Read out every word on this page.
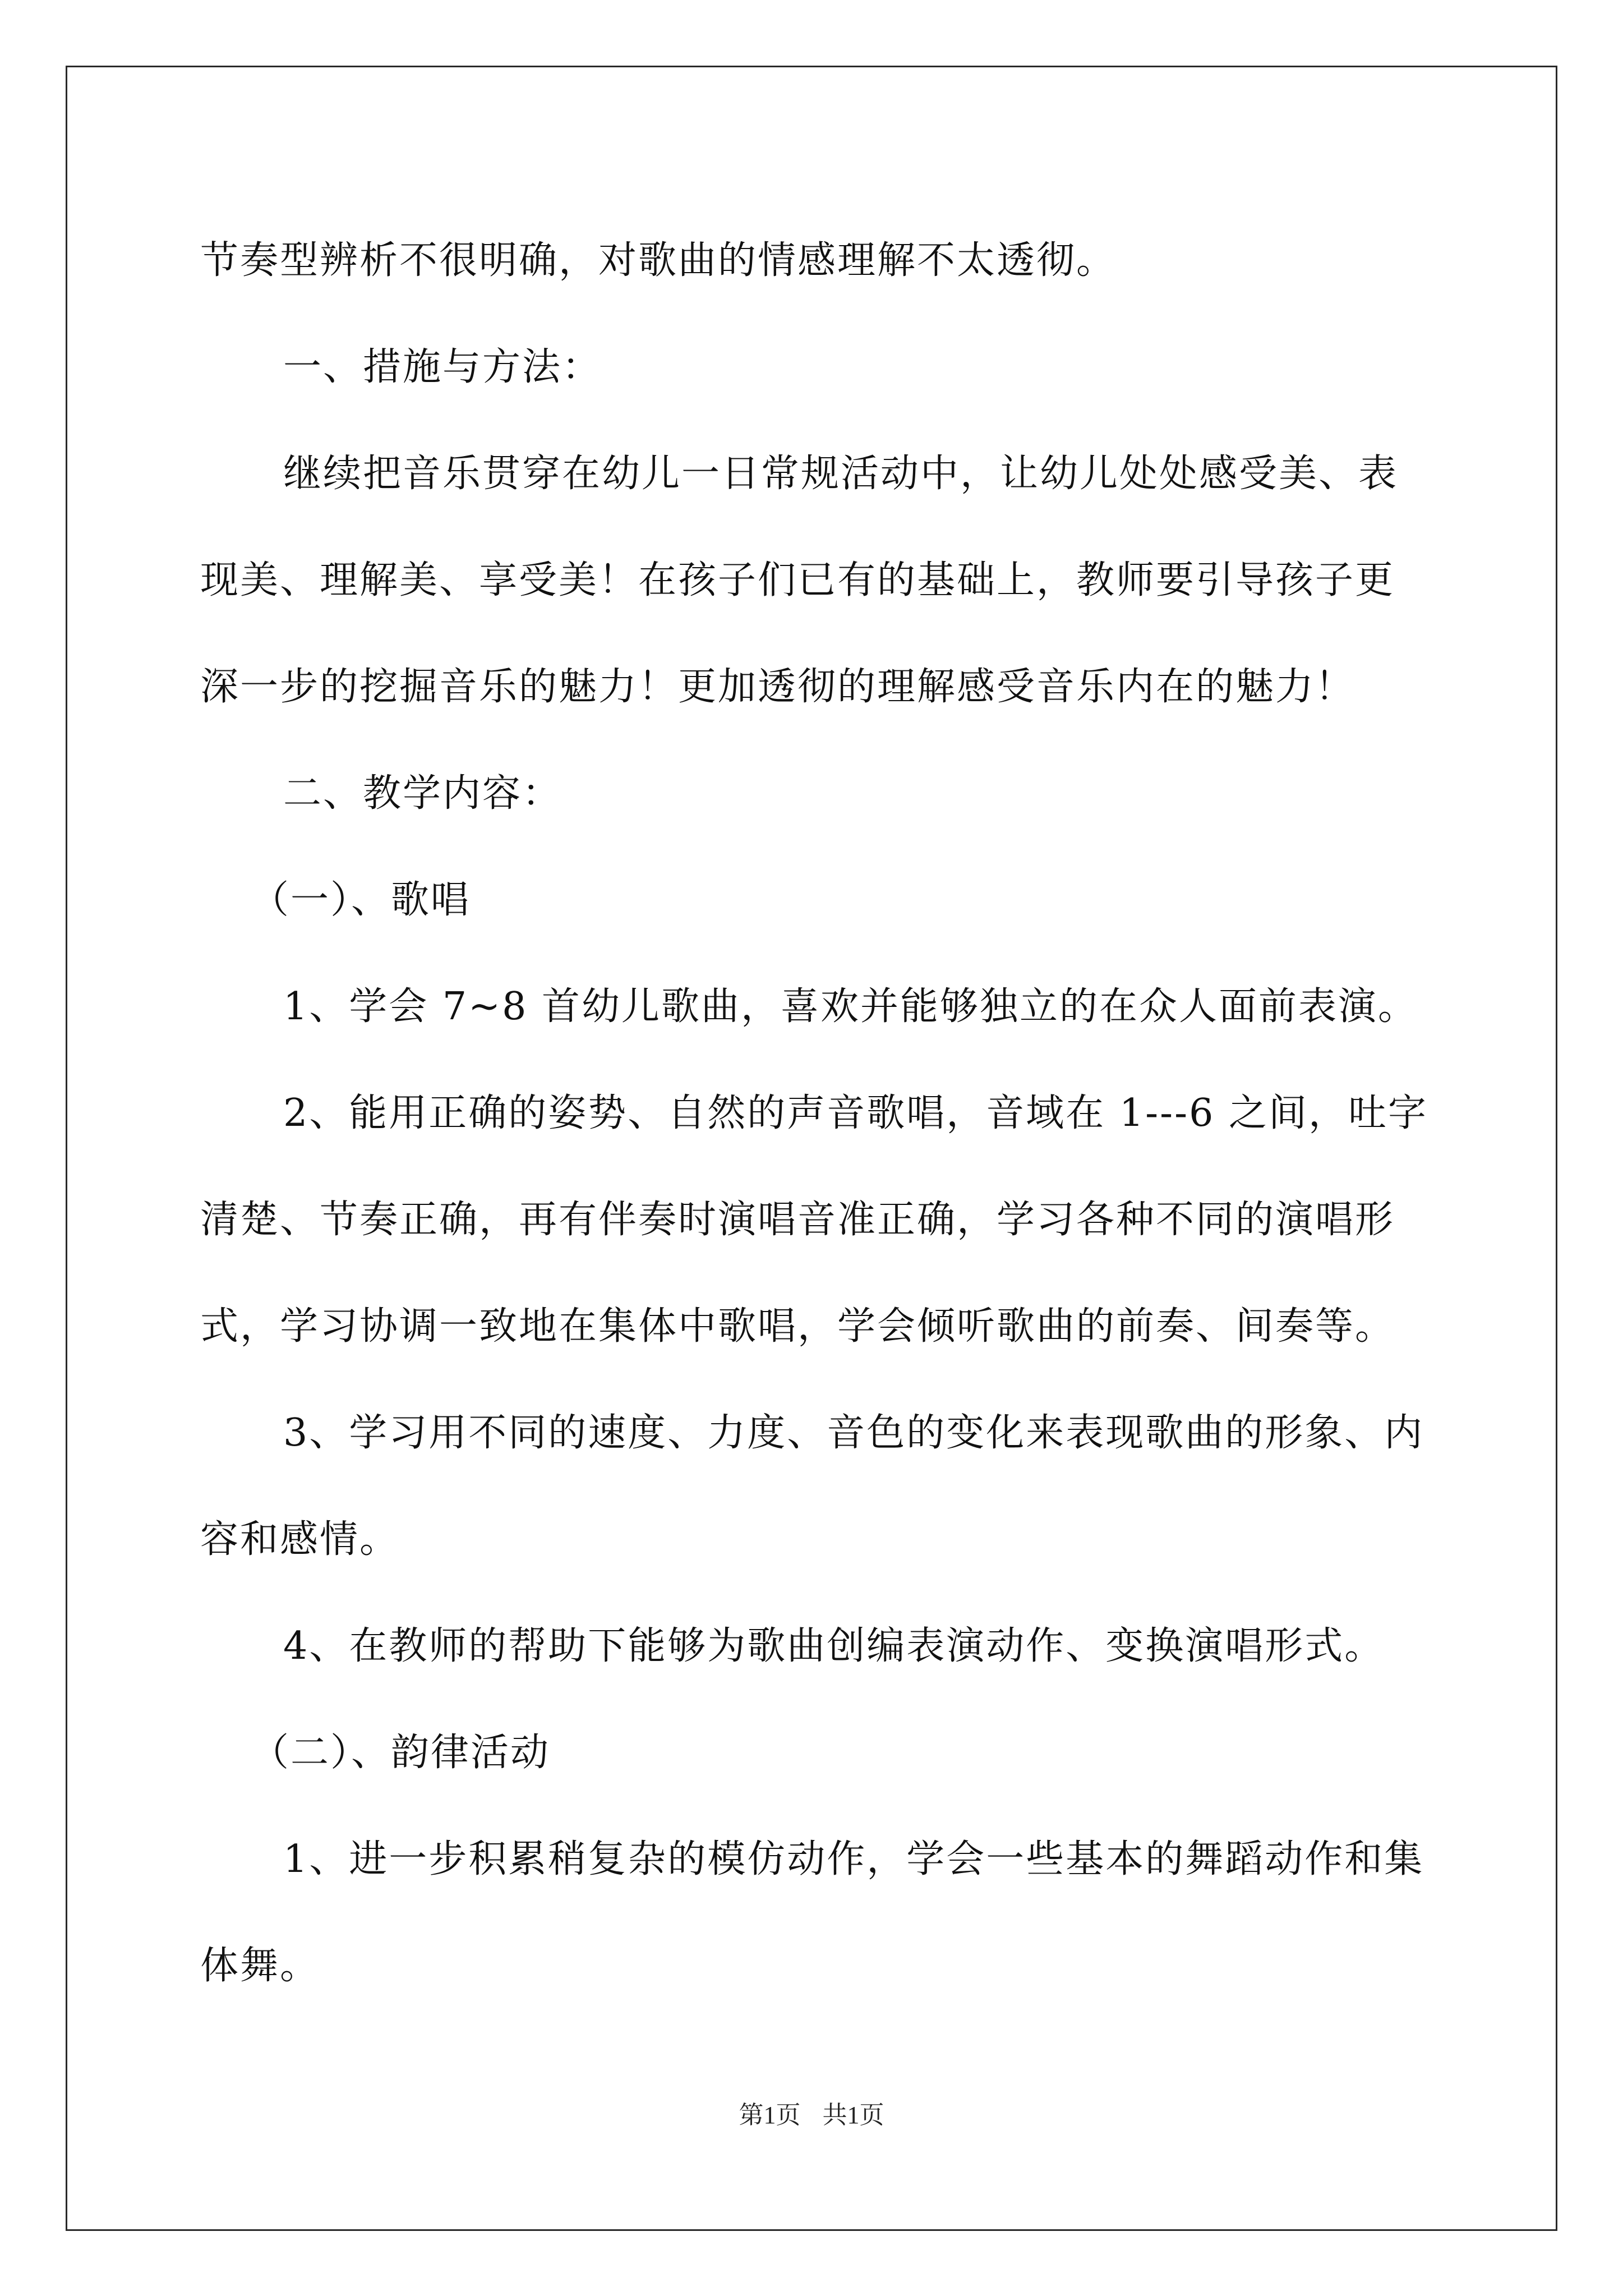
节奏型辨析不很明确，对歌曲的情感理解不太透彻。

一、措施与方法：

继续把音乐贯穿在幼儿一日常规活动中，让幼儿处处感受美、表

现美、理解美、享受美！在孩子们已有的基础上，教师要引导孩子更

深一步的挖掘音乐的魅力！更加透彻的理解感受音乐内在的魅力！

二、教学内容：

（一）、歌唱

1、学会 7~8 首幼儿歌曲，喜欢并能够独立的在众人面前表演。

2、能用正确的姿势、自然的声音歌唱，音域在 1---6 之间，吐字

清楚、节奏正确，再有伴奏时演唱音准正确，学习各种不同的演唱形

式，学习协调一致地在集体中歌唱，学会倾听歌曲的前奏、间奏等。

3、学习用不同的速度、力度、音色的变化来表现歌曲的形象、内

容和感情。

4、在教师的帮助下能够为歌曲创编表演动作、变换演唱形式。

（二）、韵律活动

1、进一步积累稍复杂的模仿动作，学会一些基本的舞蹈动作和集

体舞。

第1页 共1页
